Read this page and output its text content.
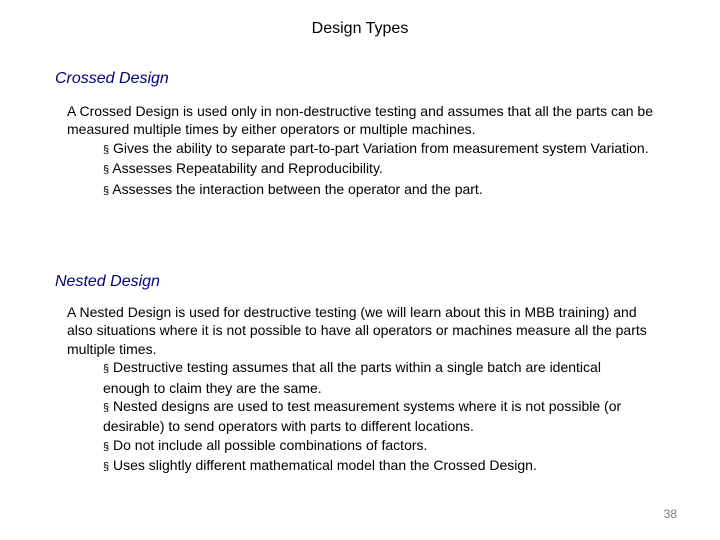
Design Types
Crossed Design

A Crossed Design is used only in non-destructive testing and assumes that all the parts can be measured multiple times by either operators or multiple machines.

§ Gives the ability to separate part-to-part Variation from measurement system Variation.
§ Assesses Repeatability and Reproducibility.
§ Assesses the interaction between the operator and the part.
Nested Design

A Nested Design is used for destructive testing (we will learn about this in MBB training) and also situations where it is not possible to have all operators or machines measure all the parts multiple times.

§ Destructive testing assumes that all the parts within a single batch are identical enough to claim they are the same.
§ Nested designs are used to test measurement systems where it is not possible (or desirable) to send operators with parts to different locations.
§ Do not include all possible combinations of factors.
§ Uses slightly different mathematical model than the Crossed Design.
38
